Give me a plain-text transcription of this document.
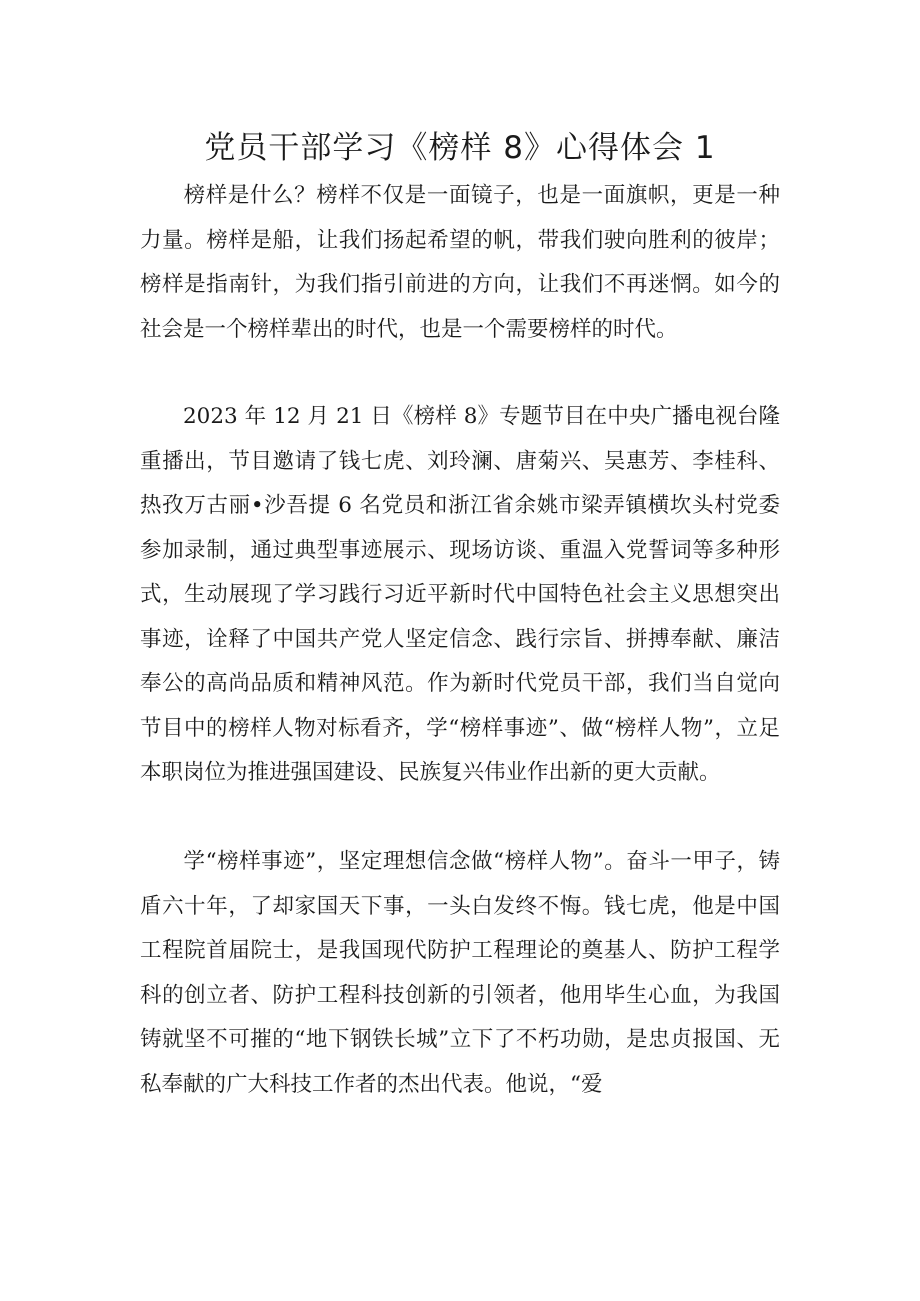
党员干部学习《榜样 8》心得体会 1

榜样是什么？榜样不仅是一面镜子，也是一面旗帜，更是一种力量。榜样是船，让我们扬起希望的帆，带我们驶向胜利的彼岸；榜样是指南针，为我们指引前进的方向，让我们不再迷惘。如今的社会是一个榜样辈出的时代，也是一个需要榜样的时代。

2023 年 12 月 21 日《榜样 8》专题节目在中央广播电视台隆重播出，节目邀请了钱七虎、刘玲澜、唐菊兴、吴惠芳、李桂科、热孜万古丽•沙吾提 6 名党员和浙江省余姚市梁弄镇横坎头村党委参加录制，通过典型事迹展示、现场访谈、重温入党誓词等多种形式，生动展现了学习践行习近平新时代中国特色社会主义思想突出事迹，诠释了中国共产党人坚定信念、践行宗旨、拼搏奉献、廉洁奉公的高尚品质和精神风范。作为新时代党员干部，我们当自觉向节目中的榜样人物对标看齐，学“榜样事迹”、做“榜样人物”，立足本职岗位为推进强国建设、民族复兴伟业作出新的更大贡献。

学“榜样事迹”，坚定理想信念做“榜样人物”。奋斗一甲子，铸盾六十年，了却家国天下事，一头白发终不悔。钱七虎，他是中国工程院首届院士，是我国现代防护工程理论的奠基人、防护工程学科的创立者、防护工程科技创新的引领者，他用毕生心血，为我国铸就坚不可摧的“地下钢铁长城”立下了不朽功勋，是忠贞报国、无私奉献的广大科技工作者的杰出代表。他说，“爱
